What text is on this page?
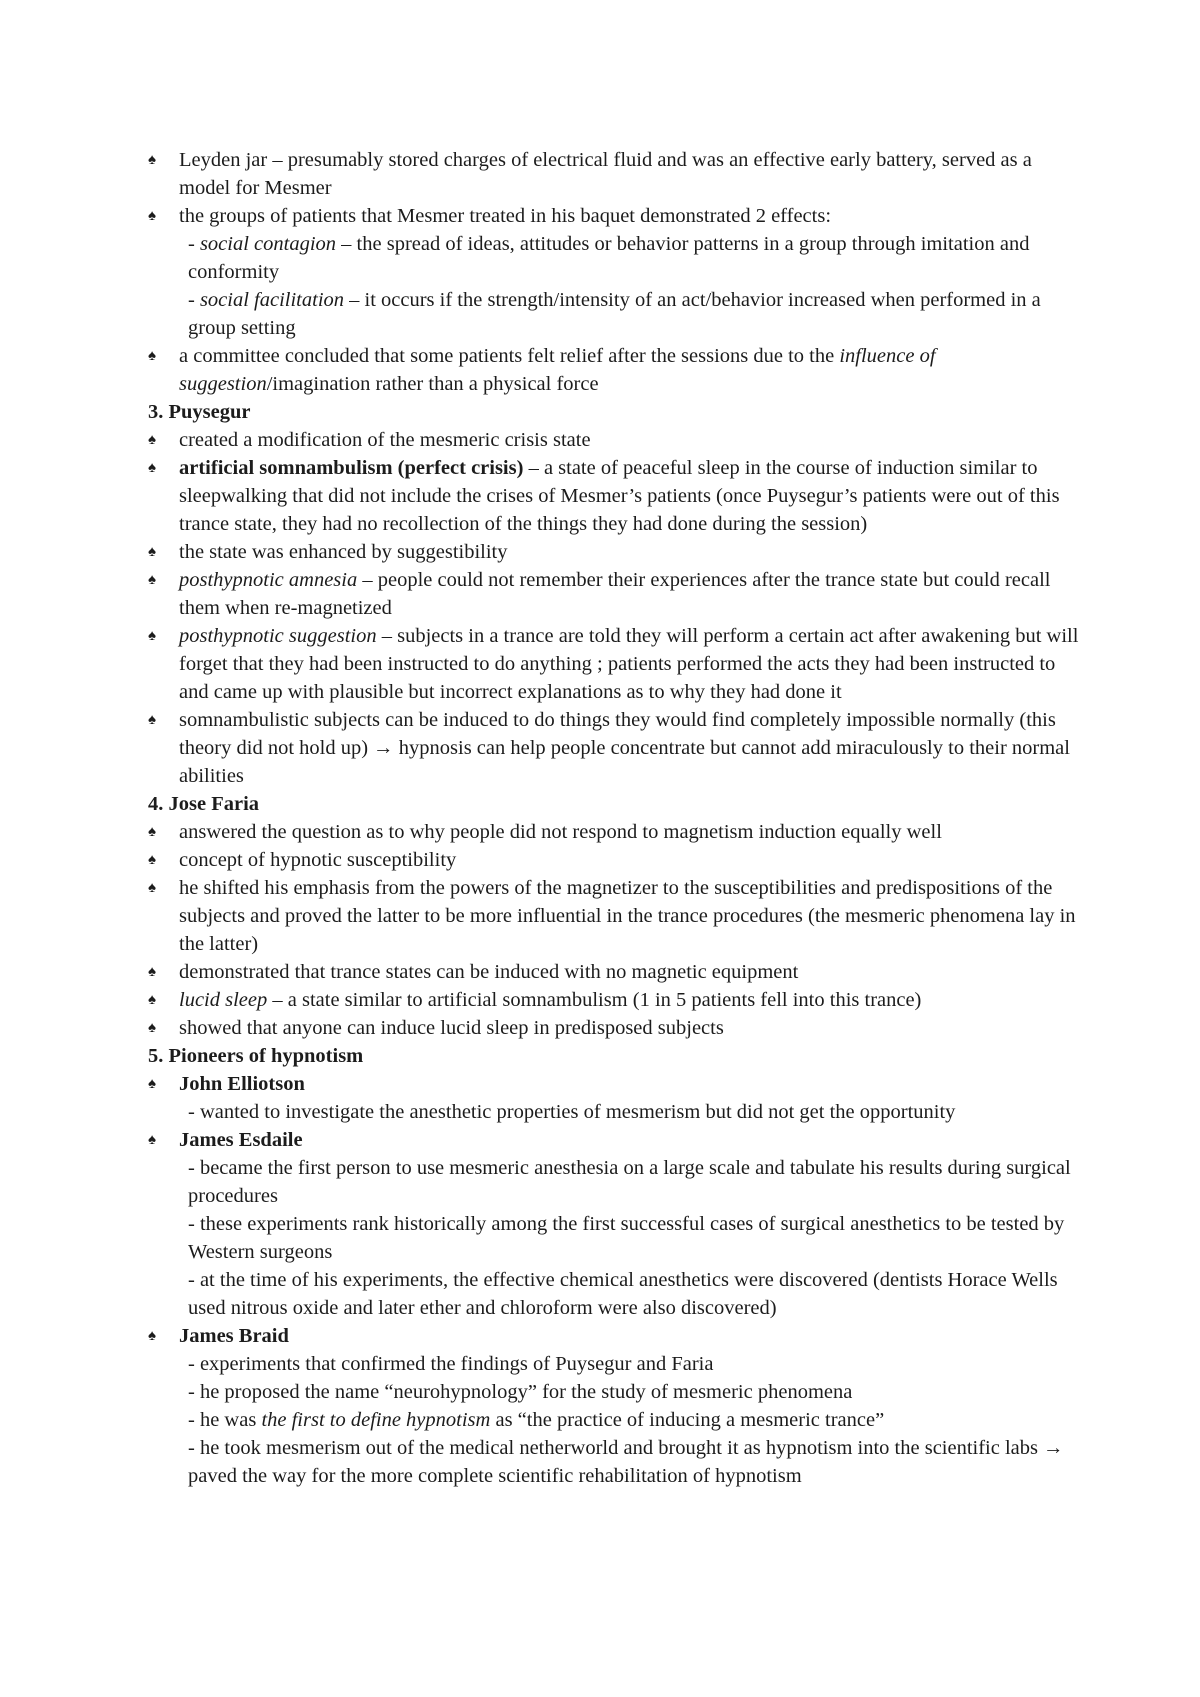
♠	Leyden jar – presumably stored charges of electrical fluid and was an effective early battery, served as a model for Mesmer
♠	the groups of patients that Mesmer treated in his baquet demonstrated 2 effects:
- social contagion – the spread of ideas, attitudes or behavior patterns in a group through imitation and conformity
- social facilitation – it occurs if the strength/intensity of an act/behavior increased when performed in a group setting
♠	a committee concluded that some patients felt relief after the sessions due to the influence of suggestion/imagination rather than a physical force
3. Puysegur
♠	created a modification of the mesmeric crisis state
♠	artificial somnambulism (perfect crisis) – a state of peaceful sleep in the course of induction similar to sleepwalking that did not include the crises of Mesmer’s patients (once Puysegur’s patients were out of this trance state, they had no recollection of the things they had done during the session)
♠	the state was enhanced by suggestibility
♠	posthypnotic amnesia – people could not remember their experiences after the trance state but could recall them when re-magnetized
♠	posthypnotic suggestion – subjects in a trance are told they will perform a certain act after awakening but will forget that they had been instructed to do anything ; patients performed the acts they had been instructed to and came up with plausible but incorrect explanations as to why they had done it
♠	somnambulistic subjects can be induced to do things they would find completely impossible normally (this theory did not hold up) → hypnosis can help people concentrate but cannot add miraculously to their normal abilities
4. Jose Faria
♠	answered the question as to why people did not respond to magnetism induction equally well
♠	concept of hypnotic susceptibility
♠	he shifted his emphasis from the powers of the magnetizer to the susceptibilities and predispositions of the subjects and proved the latter to be more influential in the trance procedures (the mesmeric phenomena lay in the latter)
♠	demonstrated that trance states can be induced with no magnetic equipment
♠	lucid sleep – a state similar to artificial somnambulism (1 in 5 patients fell into this trance)
♠	showed that anyone can induce lucid sleep in predisposed subjects
5. Pioneers of hypnotism
♠	John Elliotson
- wanted to investigate the anesthetic properties of mesmerism but did not get the opportunity
♠	James Esdaile
- became the first person to use mesmeric anesthesia on a large scale and tabulate his results during surgical procedures
- these experiments rank historically among the first successful cases of surgical anesthetics to be tested by Western surgeons
- at the time of his experiments, the effective chemical anesthetics were discovered (dentists Horace Wells used nitrous oxide and later ether and chloroform were also discovered)
♠	James Braid
- experiments that confirmed the findings of Puysegur and Faria
- he proposed the name “neurohypnology” for the study of mesmeric phenomena
- he was the first to define hypnotism as “the practice of inducing a mesmeric trance”
- he took mesmerism out of the medical netherworld and brought it as hypnotism into the scientific labs → paved the way for the more complete scientific rehabilitation of hypnotism
